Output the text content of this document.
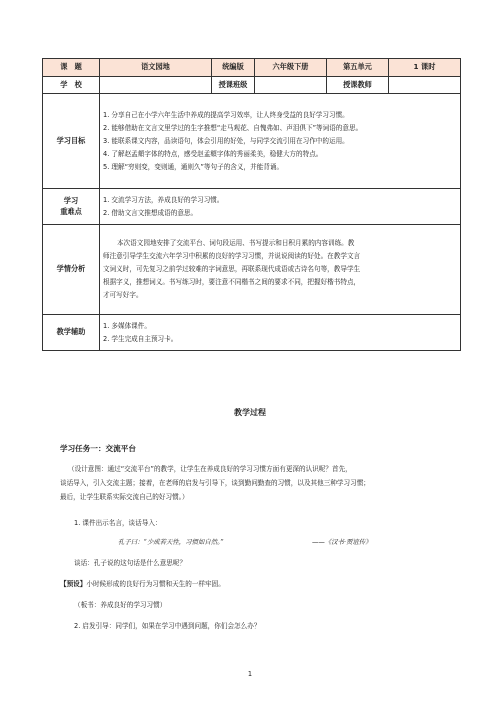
课　题	语文园地	统编版	六年级下册	第五单元	1 课时
学　校		授课班级		授课教师	
学习目标	1. 分享自己在小学六年生活中养成的提高学习效率，让人终身受益的良好学习习惯。
2. 能够借助在文言文里学过的生字推想“走马观花、自愧弗如、声泪俱下”等词语的意思。
3. 能联系课文内容，品读语句，体会引用的好处，与同学交流引用在习作中的运用。
4. 了解赵孟頫字体的特点，感受赵孟頫字体的秀丽柔美，稳健大方的特点。
5. 理解“穷则变，变则通，通则久”等句子的含义，并能背诵。				

学习
重难点	1. 交流学习方法，养成良好的学习习惯。
2. 借助文言文推想成语的意思。				

学情分析	本次语文园地安排了交流平台、词句段运用、书写提示和日积月累的内容训练。教
师注意引导学生交流六年学习中积累的良好的学习习惯，并说说阅读的好处。在教学文言
文词义时，可先复习之前学过较难的字词意思，再联系现代成语或古诗名句等，教导学生
根据字义，推想词义。书写练习时，要注意不同楷书之间的要求不同，把握好楷书特点，
才可写好字。				

教学辅助	1. 多媒体课件。
2. 学生完成自主预习卡。				
教学过程
学习任务一：交流平台
（设计意图：通过“交流平台”的教学，让学生在养成良好的学习习惯方面有更深的认识呢？首先，
谈话导入，引入交流主题；接着，在老师的启发与引导下，谈到勤问勤查的习惯，以及其他三种学习习惯；
最后，让学生联系实际交流自己的好习惯。）
1. 课件出示名言，谈话导入：
孔子曰：“少成若天性，习惯如自然。”	——《汉书·贾谊传》
谈话：孔子说的这句话是什么意思呢？
【预设】小时候形成的良好行为习惯和天生的一样牢固。
（板书：养成良好的学习习惯）
2. 启发引导：同学们，如果在学习中遇到问题，你们会怎么办？
1
